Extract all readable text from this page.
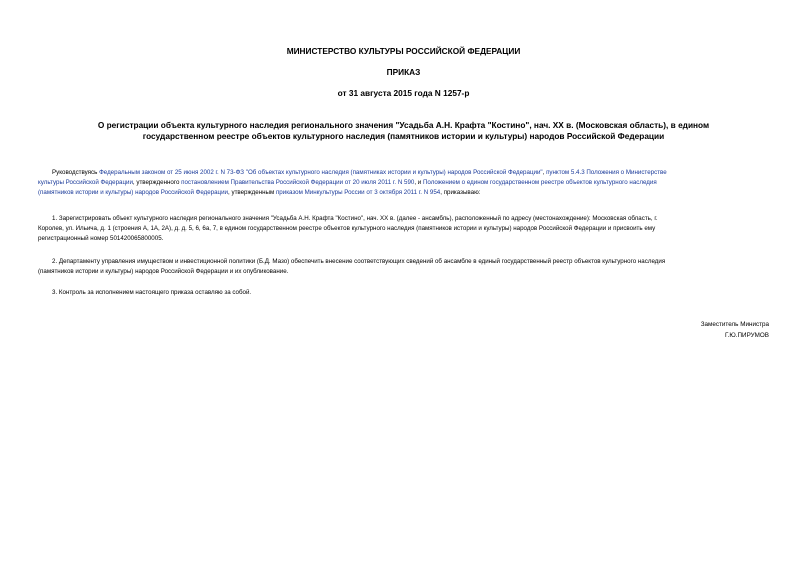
МИНИСТЕРСТВО КУЛЬТУРЫ РОССИЙСКОЙ ФЕДЕРАЦИИ
ПРИКАЗ
от 31 августа 2015 года N 1257-р
О регистрации объекта культурного наследия регионального значения "Усадьба А.Н. Крафта "Костино", нач. XX в. (Московская область), в едином
государственном реестре объектов культурного наследия (памятников истории и культуры) народов Российской Федерации
Руководствуясь Федеральным законом от 25 июня 2002 г. N 73-ФЗ "Об объектах культурного наследия (памятниках истории и культуры) народов Российской Федерации", пунктом 5.4.3 Положения о Министерстве
культуры Российской Федерации, утвержденного постановлением Правительства Российской Федерации от 20 июля 2011 г. N 590, и Положением о едином государственном реестре объектов культурного наследия
(памятников истории и культуры) народов Российской Федерации, утвержденным приказом Минкультуры России от 3 октября 2011 г. N 954, приказываю:
1. Зарегистрировать объект культурного наследия регионального значения "Усадьба А.Н. Крафта "Костино", нач. XX в. (далее - ансамбль), расположенный по адресу (местонахождение): Московская область, г.
Королев, ул. Ильича, д. 1 (строения А, 1А, 2А), д. д. 5, 6, 6а, 7, в едином государственном реестре объектов культурного наследия (памятников истории и культуры) народов Российской Федерации и присвоить ему
регистрационный номер 501420065800005.
2. Департаменту управления имуществом и инвестиционной политики (Б.Д. Мазо) обеспечить внесение соответствующих сведений об ансамбле в единый государственный реестр объектов культурного наследия
(памятников истории и культуры) народов Российской Федерации и их опубликование.
3. Контроль за исполнением настоящего приказа оставляю за собой.
Заместитель Министра
Г.Ю.ПИРУМОВ
